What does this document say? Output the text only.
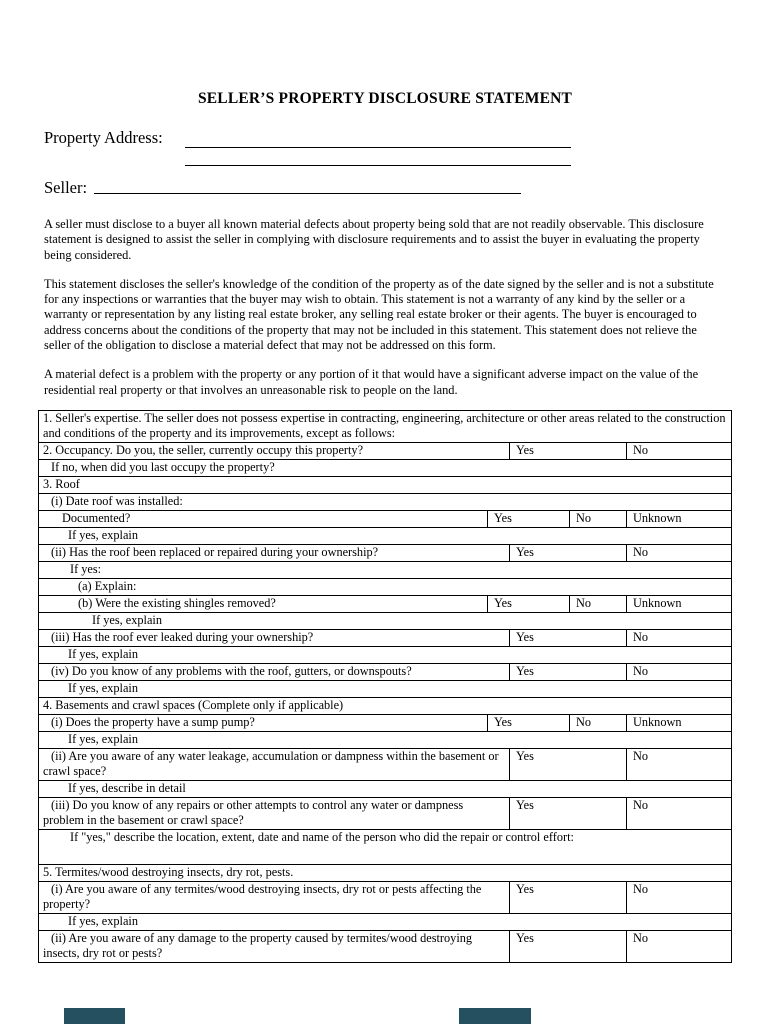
SELLER’S PROPERTY DISCLOSURE STATEMENT
Property Address:
Seller:

A seller must disclose to a buyer all known material defects about property being sold that are not readily observable. This disclosure statement is designed to assist the seller in complying with disclosure requirements and to assist the buyer in evaluating the property being considered.

This statement discloses the seller's knowledge of the condition of the property as of the date signed by the seller and is not a substitute for any inspections or warranties that the buyer may wish to obtain. This statement is not a warranty of any kind by the seller or a warranty or representation by any listing real estate broker, any selling real estate broker or their agents. The buyer is encouraged to address concerns about the conditions of the property that may not be included in this statement. This statement does not relieve the seller of the obligation to disclose a material defect that may not be addressed on this form.

A material defect is a problem with the property or any portion of it that would have a significant adverse impact on the value of the residential real property or that involves an unreasonable risk to people on the land.

1. Seller's expertise. The seller does not possess expertise in contracting, engineering, architecture or other areas related to the construction and conditions of the property and its improvements, except as follows:
2. Occupancy. Do you, the seller, currently occupy this property?	Yes	No
If no, when did you last occupy the property?
3. Roof
(i) Date roof was installed:
Documented?	Yes	No	Unknown
If yes, explain
(ii) Has the roof been replaced or repaired during your ownership?	Yes	No
If yes:
(a) Explain:
(b) Were the existing shingles removed?	Yes	No	Unknown
If yes, explain
(iii) Has the roof ever leaked during your ownership?	Yes	No
If yes, explain
(iv) Do you know of any problems with the roof, gutters, or downspouts?	Yes	No
If yes, explain
4. Basements and crawl spaces (Complete only if applicable)
(i) Does the property have a sump pump?	Yes	No	Unknown
If yes, explain
(ii) Are you aware of any water leakage, accumulation or dampness within the basement or crawl space?
Yes	No
If yes, describe in detail
(iii) Do you know of any repairs or other attempts to control any water or dampness problem in the basement or crawl space?
Yes	No
If "yes," describe the location, extent, date and name of the person who did the repair or control effort:
5. Termites/wood destroying insects, dry rot, pests.
(i) Are you aware of any termites/wood destroying insects, dry rot or pests affecting the property?
Yes	No
If yes, explain
(ii) Are you aware of any damage to the property caused by termites/wood destroying insects, dry rot or pests?
Yes	No
